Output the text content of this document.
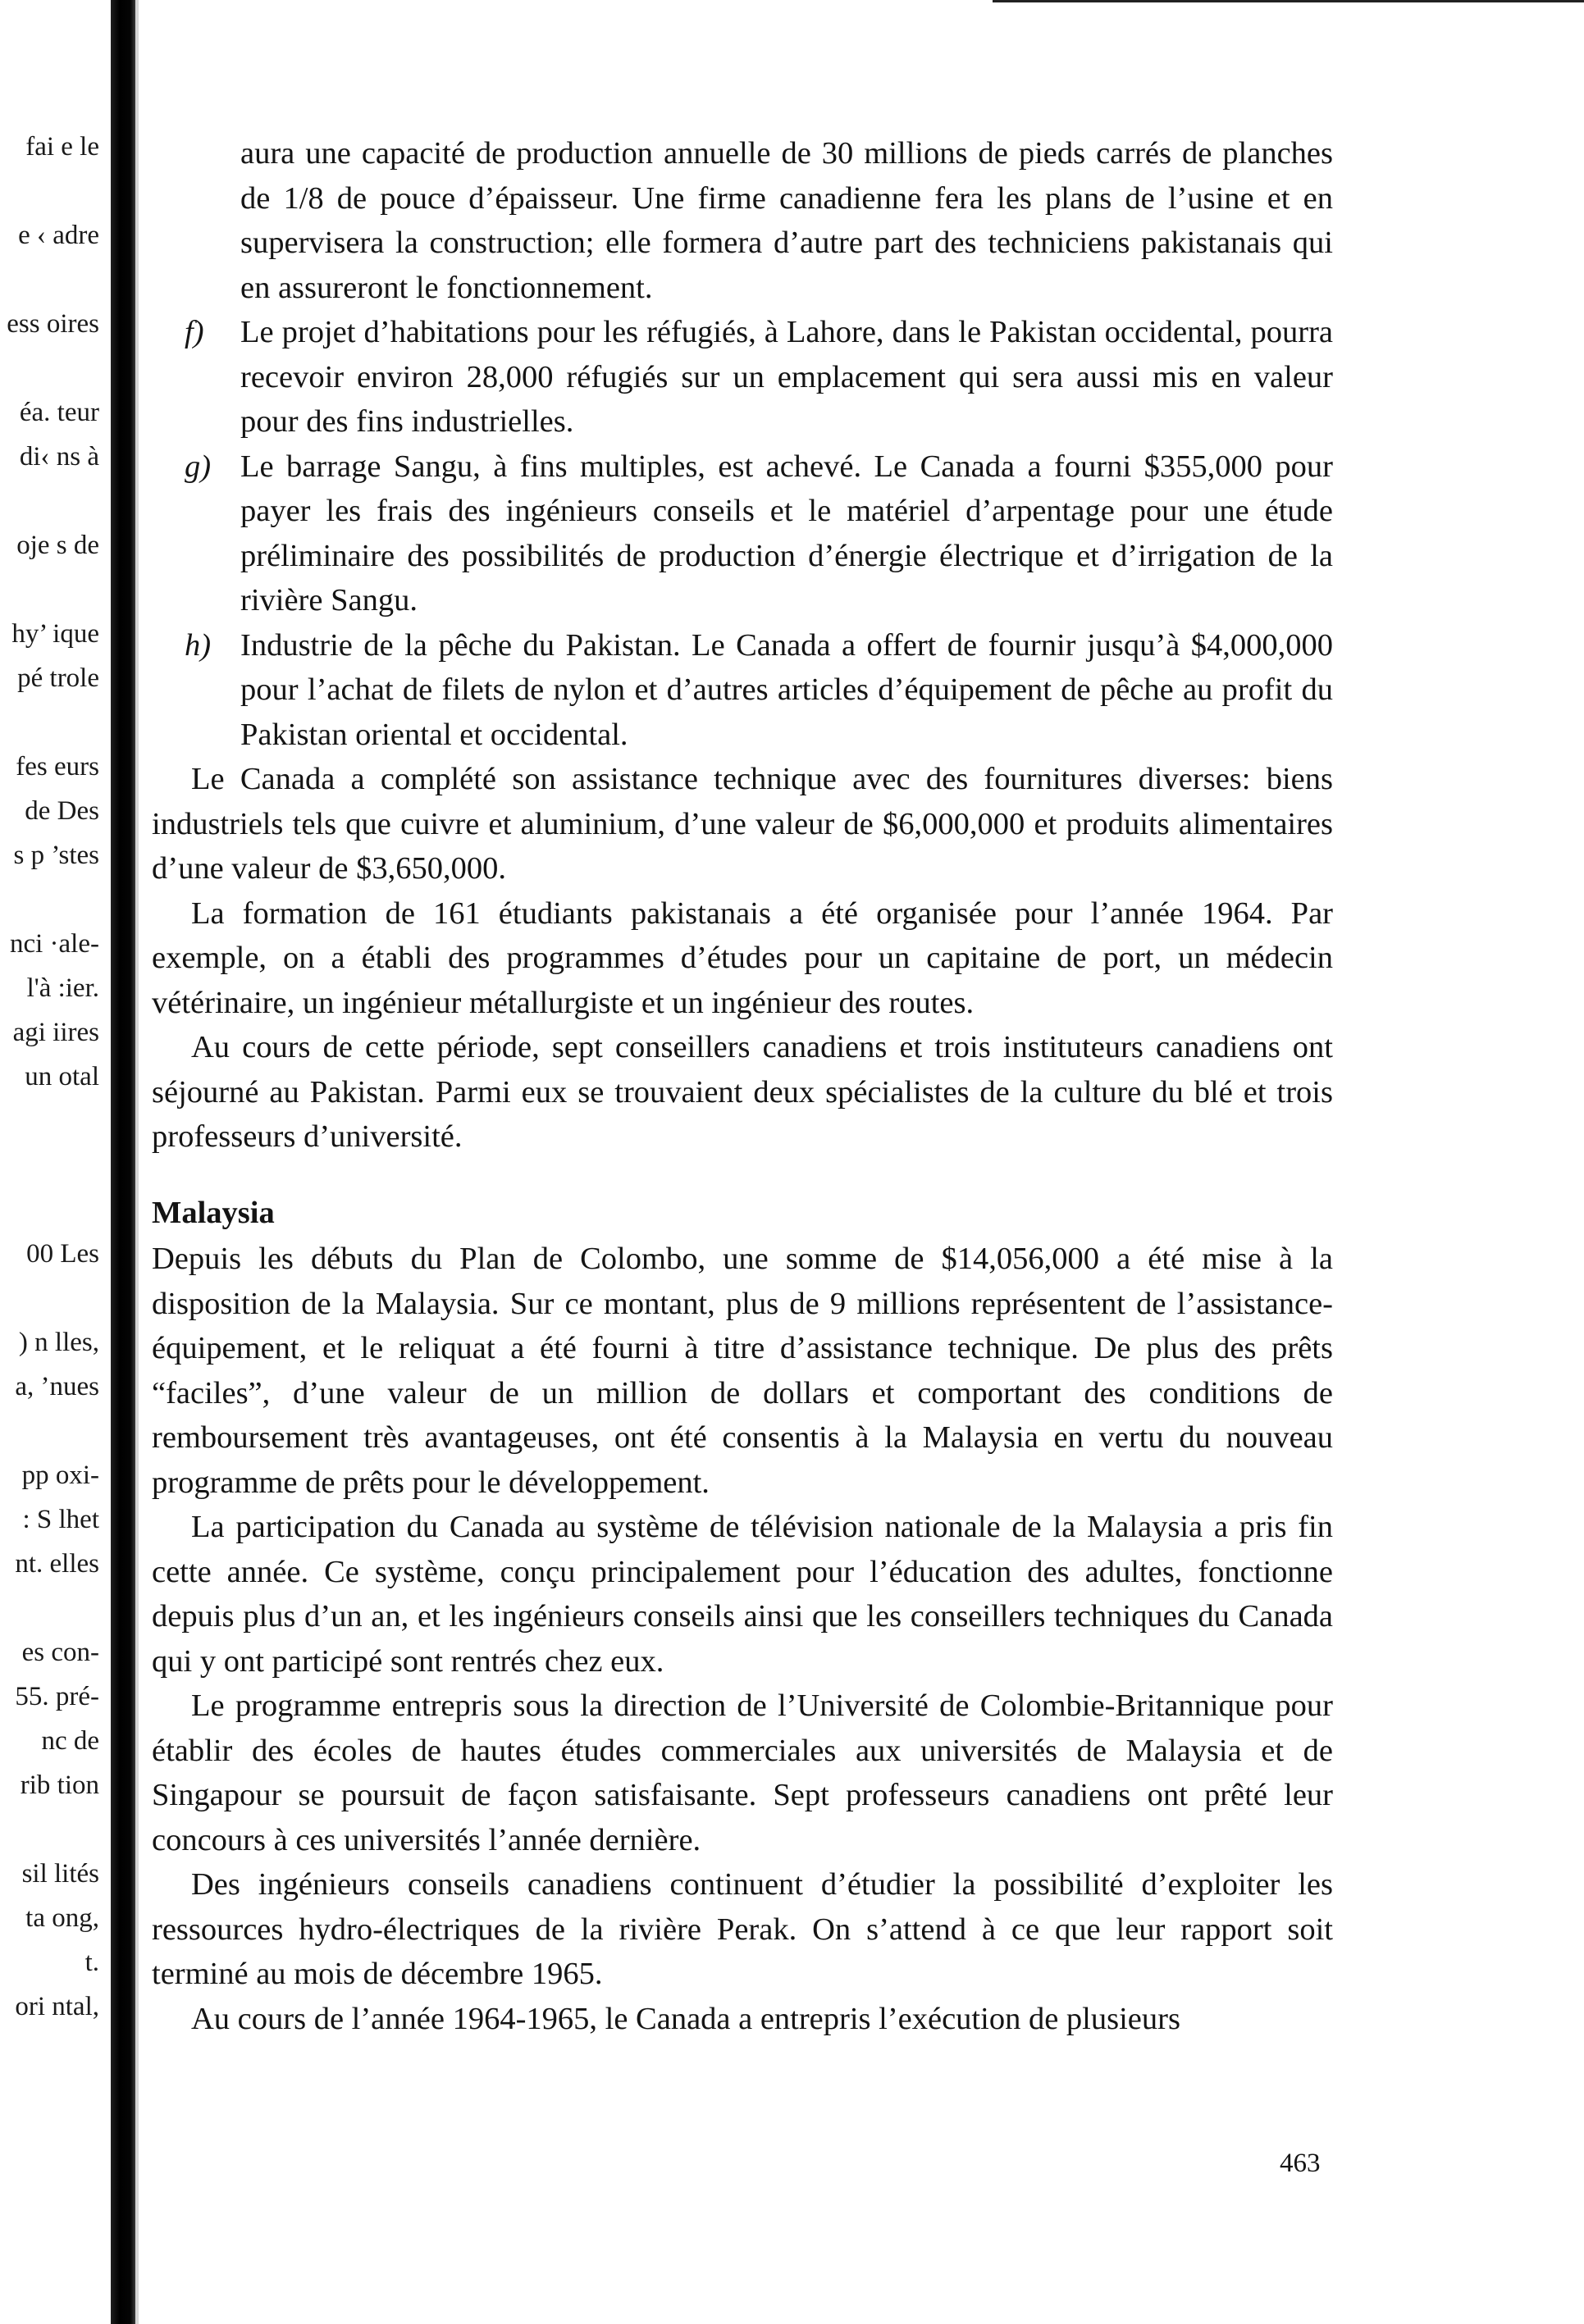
fai e le
e ‹ adre
ess oires
éa. teur
di‹ ns à
oje s de
hy’ ique
pé trole
fes eurs
de Des
s p ’stes
nci ·ale-
l'à :ier.
agi iires
un otal
00 Les
) n lles,
a, ’nues
pp oxi-
: S lhet
nt. elles
es con-
55. pré-
nc de
rib tion
sil lités
ta ong,
t.
ori ntal,

aura une capacité de production annuelle de 30 millions de pieds carrés de planches de 1/8 de pouce d’épaisseur. Une firme canadienne fera les plans de l’usine et en supervisera la construction; elle formera d’autre part des techniciens pakistanais qui en assureront le fonctionnement.

f) Le projet d’habitations pour les réfugiés, à Lahore, dans le Pakistan occidental, pourra recevoir environ 28,000 réfugiés sur un emplacement qui sera aussi mis en valeur pour des fins industrielles.

g) Le barrage Sangu, à fins multiples, est achevé. Le Canada a fourni $355,000 pour payer les frais des ingénieurs conseils et le matériel d’arpentage pour une étude préliminaire des possibilités de production d’énergie électrique et d’irrigation de la rivière Sangu.

h) Industrie de la pêche du Pakistan. Le Canada a offert de fournir jusqu’à $4,000,000 pour l’achat de filets de nylon et d’autres articles d’équipement de pêche au profit du Pakistan oriental et occidental.

Le Canada a complété son assistance technique avec des fournitures diverses: biens industriels tels que cuivre et aluminium, d’une valeur de $6,000,000 et produits alimentaires d’une valeur de $3,650,000.

La formation de 161 étudiants pakistanais a été organisée pour l’année 1964. Par exemple, on a établi des programmes d’études pour un capitaine de port, un médecin vétérinaire, un ingénieur métallurgiste et un ingénieur des routes.

Au cours de cette période, sept conseillers canadiens et trois instituteurs canadiens ont séjourné au Pakistan. Parmi eux se trouvaient deux spécialistes de la culture du blé et trois professeurs d’université.

Malaysia

Depuis les débuts du Plan de Colombo, une somme de $14,056,000 a été mise à la disposition de la Malaysia. Sur ce montant, plus de 9 millions représentent de l’assistance-équipement, et le reliquat a été fourni à titre d’assistance technique. De plus des prêts “faciles”, d’une valeur de un million de dollars et comportant des conditions de remboursement très avantageuses, ont été consentis à la Malaysia en vertu du nouveau programme de prêts pour le développement.

La participation du Canada au système de télévision nationale de la Malaysia a pris fin cette année. Ce système, conçu principalement pour l’éducation des adultes, fonctionne depuis plus d’un an, et les ingénieurs conseils ainsi que les conseillers techniques du Canada qui y ont participé sont rentrés chez eux.

Le programme entrepris sous la direction de l’Université de Colombie-Britannique pour établir des écoles de hautes études commerciales aux universités de Malaysia et de Singapour se poursuit de façon satisfaisante. Sept professeurs canadiens ont prêté leur concours à ces universités l’année dernière.

Des ingénieurs conseils canadiens continuent d’étudier la possibilité d’exploiter les ressources hydro-électriques de la rivière Perak. On s’attend à ce que leur rapport soit terminé au mois de décembre 1965.

Au cours de l’année 1964-1965, le Canada a entrepris l’exécution de plusieurs

463
